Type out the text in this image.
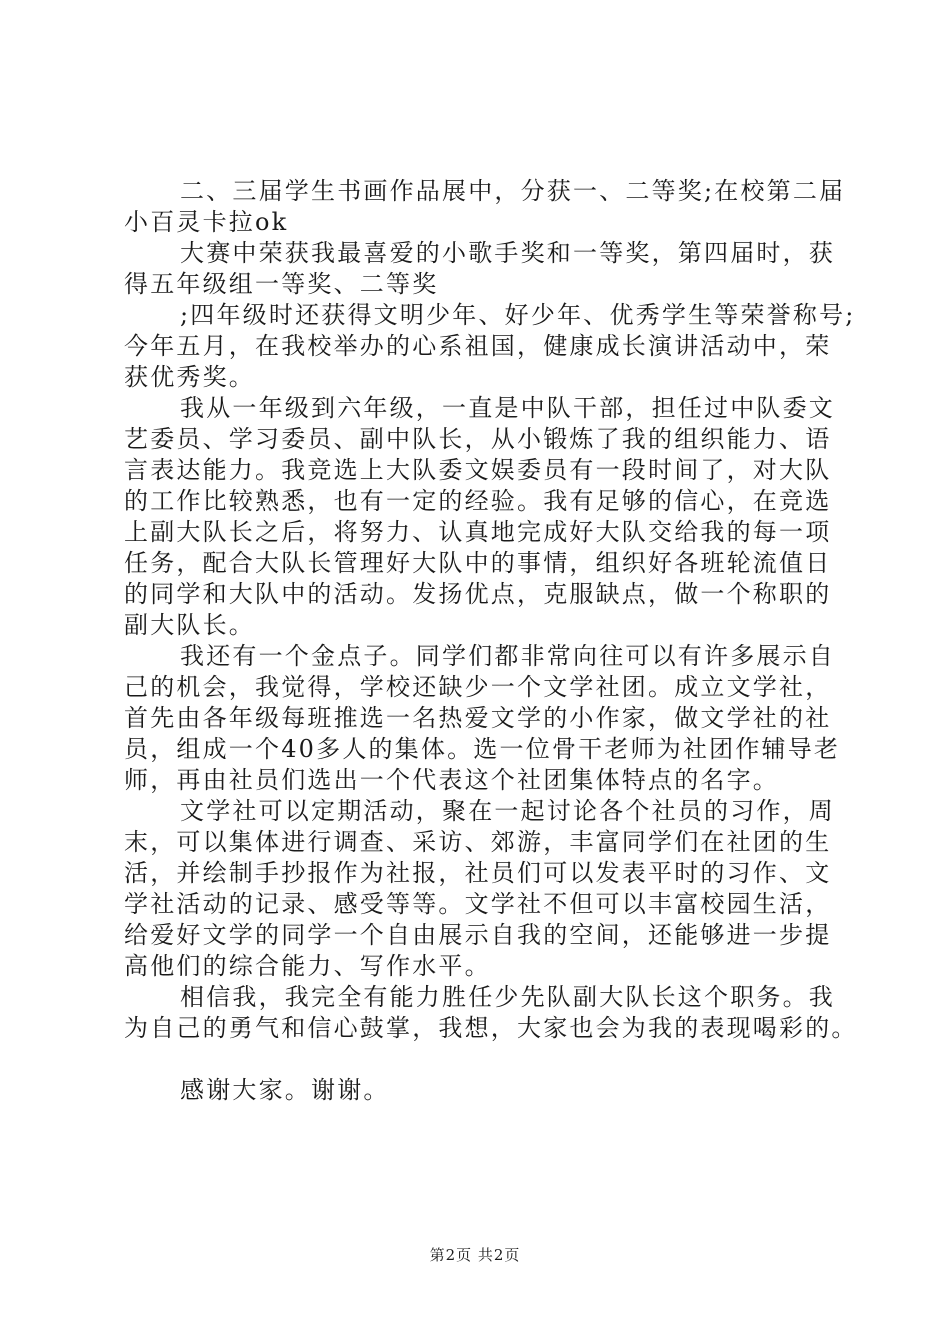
二、三届学生书画作品展中，分获一、二等奖;在校第二届
小百灵卡拉ok
大赛中荣获我最喜爱的小歌手奖和一等奖，第四届时，获
得五年级组一等奖、二等奖
;四年级时还获得文明少年、好少年、优秀学生等荣誉称号;
今年五月，在我校举办的心系祖国，健康成长演讲活动中，荣
获优秀奖。
我从一年级到六年级，一直是中队干部，担任过中队委文
艺委员、学习委员、副中队长，从小锻炼了我的组织能力、语
言表达能力。我竞选上大队委文娱委员有一段时间了，对大队
的工作比较熟悉，也有一定的经验。我有足够的信心，在竞选
上副大队长之后，将努力、认真地完成好大队交给我的每一项
任务，配合大队长管理好大队中的事情，组织好各班轮流值日
的同学和大队中的活动。发扬优点，克服缺点，做一个称职的
副大队长。
我还有一个金点子。同学们都非常向往可以有许多展示自
己的机会，我觉得，学校还缺少一个文学社团。成立文学社，
首先由各年级每班推选一名热爱文学的小作家，做文学社的社
员，组成一个40多人的集体。选一位骨干老师为社团作辅导老
师，再由社员们选出一个代表这个社团集体特点的名字。
文学社可以定期活动，聚在一起讨论各个社员的习作，周
末，可以集体进行调查、采访、郊游，丰富同学们在社团的生
活，并绘制手抄报作为社报，社员们可以发表平时的习作、文
学社活动的记录、感受等等。文学社不但可以丰富校园生活，
给爱好文学的同学一个自由展示自我的空间，还能够进一步提
高他们的综合能力、写作水平。
相信我，我完全有能力胜任少先队副大队长这个职务。我
为自己的勇气和信心鼓掌，我想，大家也会为我的表现喝彩的。
感谢大家。谢谢。
第2页 共2页
